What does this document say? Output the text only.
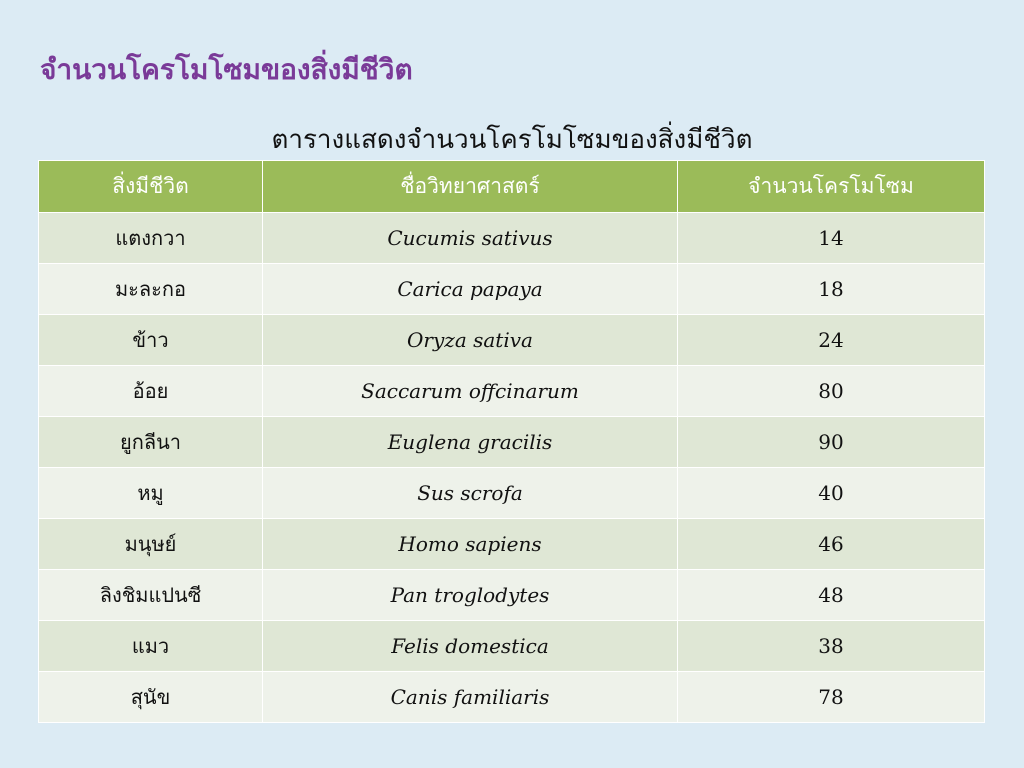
จำนวนโครโมโซมของสิ่งมีชีวิต
ตารางแสดงจำนวนโครโมโซมของสิ่งมีชีวิต
สิ่งมีชีวิต	ชื่อวิทยาศาสตร์	จำนวนโครโมโซม
แตงกวา	Cucumis sativus	14
มะละกอ	Carica papaya	18
ข้าว	Oryza sativa	24
อ้อย	Saccarum offcinarum	80
ยูกลีนา	Euglena gracilis	90
หมู	Sus scrofa	40
มนุษย์	Homo sapiens	46
ลิงชิมแปนซี	Pan troglodytes	48
แมว	Felis domestica	38
สุนัข	Canis familiaris	78
